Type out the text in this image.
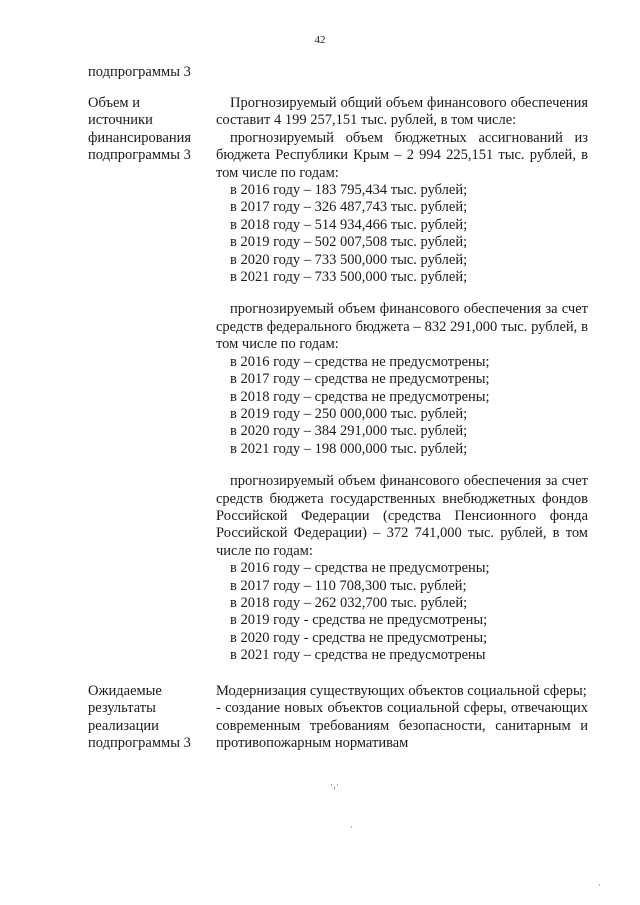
42
подпрограммы 3
Объем и
источники
финансирования
подпрограммы 3

Прогнозируемый общий объем финансового обеспечения составит 4 199 257,151 тыс. рублей, в том числе:

прогнозируемый объем бюджетных ассигнований из бюджета Республики Крым – 2 994 225,151 тыс. рублей, в том числе по годам:

в 2016 году – 183 795,434 тыс. рублей;
в 2017 году – 326 487,743 тыс. рублей;
в 2018 году – 514 934,466 тыс. рублей;
в 2019 году – 502 007,508 тыс. рублей;
в 2020 году – 733 500,000 тыс. рублей;
в 2021 году – 733 500,000 тыс. рублей;

прогнозируемый объем финансового обеспечения за счет средств федерального бюджета – 832 291,000 тыс. рублей, в том числе по годам:

в 2016 году – средства не предусмотрены;
в 2017 году – средства не предусмотрены;
в 2018 году – средства не предусмотрены;
в 2019 году – 250 000,000 тыс. рублей;
в 2020 году – 384 291,000 тыс. рублей;
в 2021 году – 198 000,000 тыс. рублей;

прогнозируемый объем финансового обеспечения за счет средств бюджета государственных внебюджетных фондов Российской Федерации (средства Пенсионного фонда Российской Федерации) – 372 741,000 тыс. рублей, в том числе по годам:

в 2016 году – средства не предусмотрены;
в 2017 году – 110 708,300 тыс. рублей;
в 2018 году – 262 032,700 тыс. рублей;
в 2019 году - средства не предусмотрены;
в 2020 году - средства не предусмотрены;
в 2021 году – средства не предусмотрены
Ожидаемые
результаты
реализации
подпрограммы 3

Модернизация существующих объектов социальной сферы;

- создание новых объектов социальной сферы, отвечающих современным требованиям безопасности, санитарным и противопожарным нормативам

·‚·
·
·
